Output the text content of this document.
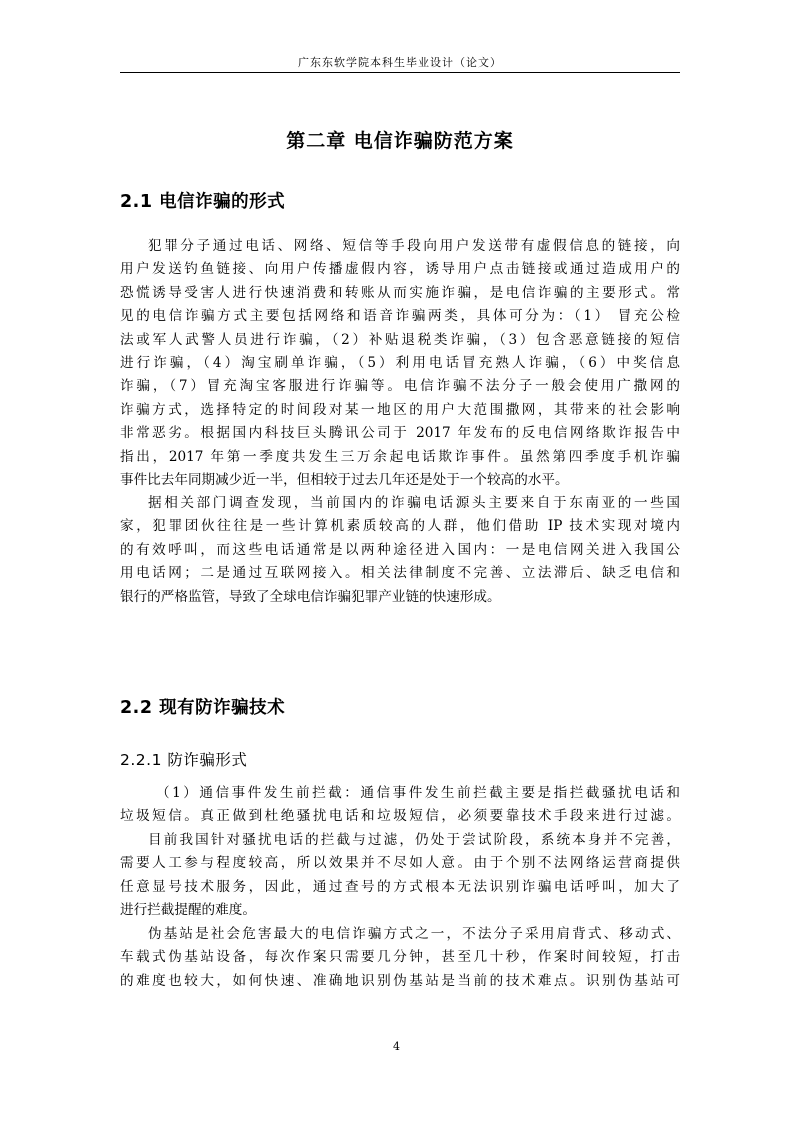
广东东软学院本科生毕业设计（论文）
第二章 电信诈骗防范方案
2.1 电信诈骗的形式
犯罪分子通过电话、网络、短信等手段向用户发送带有虚假信息的链接，向
用户发送钓鱼链接、向用户传播虚假内容，诱导用户点击链接或通过造成用户的
恐慌诱导受害人进行快速消费和转账从而实施诈骗，是电信诈骗的主要形式。常
见的电信诈骗方式主要包括网络和语音诈骗两类，具体可分为：（1） 冒充公检
法或军人武警人员进行诈骗，（2）补贴退税类诈骗，（3）包含恶意链接的短信
进行诈骗，（4）淘宝刷单诈骗，（5）利用电话冒充熟人诈骗，（6）中奖信息
诈骗，（7）冒充淘宝客服进行诈骗等。电信诈骗不法分子一般会使用广撒网的
诈骗方式，选择特定的时间段对某一地区的用户大范围撒网，其带来的社会影响
非常恶劣。根据国内科技巨头腾讯公司于 2017 年发布的反电信网络欺诈报告中
指出，2017 年第一季度共发生三万余起电话欺诈事件。虽然第四季度手机诈骗
事件比去年同期减少近一半，但相较于过去几年还是处于一个较高的水平。
据相关部门调查发现，当前国内的诈骗电话源头主要来自于东南亚的一些国
家，犯罪团伙往往是一些计算机素质较高的人群，他们借助 IP 技术实现对境内
的有效呼叫，而这些电话通常是以两种途径进入国内：一是电信网关进入我国公
用电话网；二是通过互联网接入。相关法律制度不完善、立法滞后、缺乏电信和
银行的严格监管，导致了全球电信诈骗犯罪产业链的快速形成。
2.2 现有防诈骗技术
2.2.1 防诈骗形式
（1）通信事件发生前拦截：通信事件发生前拦截主要是指拦截骚扰电话和
垃圾短信。真正做到杜绝骚扰电话和垃圾短信，必须要靠技术手段来进行过滤。
目前我国针对骚扰电话的拦截与过滤，仍处于尝试阶段，系统本身并不完善，
需要人工参与程度较高，所以效果并不尽如人意。由于个别不法网络运营商提供
任意显号技术服务，因此，通过查号的方式根本无法识别诈骗电话呼叫，加大了
进行拦截提醒的难度。
伪基站是社会危害最大的电信诈骗方式之一，不法分子采用肩背式、移动式、
车载式伪基站设备，每次作案只需要几分钟，甚至几十秒，作案时间较短，打击
的难度也较大，如何快速、准确地识别伪基站是当前的技术难点。识别伪基站可
4
